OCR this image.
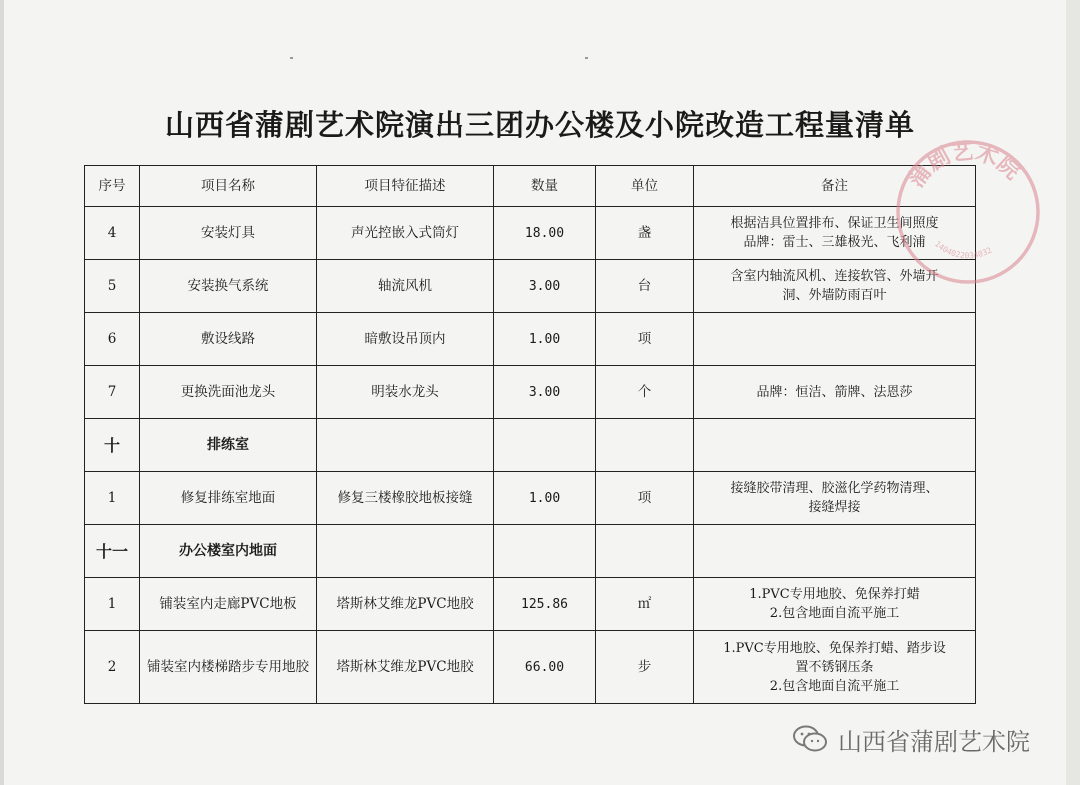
山西省蒲剧艺术院演出三团办公楼及小院改造工程量清单
序号	项目名称	项目特征描述	数量	单位	备注
4	安装灯具	声光控嵌入式筒灯	18.00	盏	根据洁具位置排布、保证卫生间照度
品牌：雷士、三雄极光、飞利浦

5	安装换气系统	轴流风机	3.00	台	含室内轴流风机、连接软管、外墙开
洞、外墙防雨百叶

6	敷设线路	暗敷设吊顶内	1.00	项	
7	更换洗面池龙头	明装水龙头	3.00	个	品牌：恒洁、箭牌、法恩莎
十	排练室				
1	修复排练室地面	修复三楼橡胶地板接缝	1.00	项	接缝胶带清理、胶滋化学药物清理、
接缝焊接

十一	办公楼室内地面				
1	铺装室内走廊PVC地板	塔斯林艾维龙PVC地胶	125.86	㎡	1.PVC专用地胶、免保养打蜡
2.包含地面自流平施工

2	铺装室内楼梯踏步专用地胶	塔斯林艾维龙PVC地胶	66.00	步	1.PVC专用地胶、免保养打蜡、踏步设
置不锈钢压条
2.包含地面自流平施工
蒲剧艺术院
1404022034032
山西省蒲剧艺术院
